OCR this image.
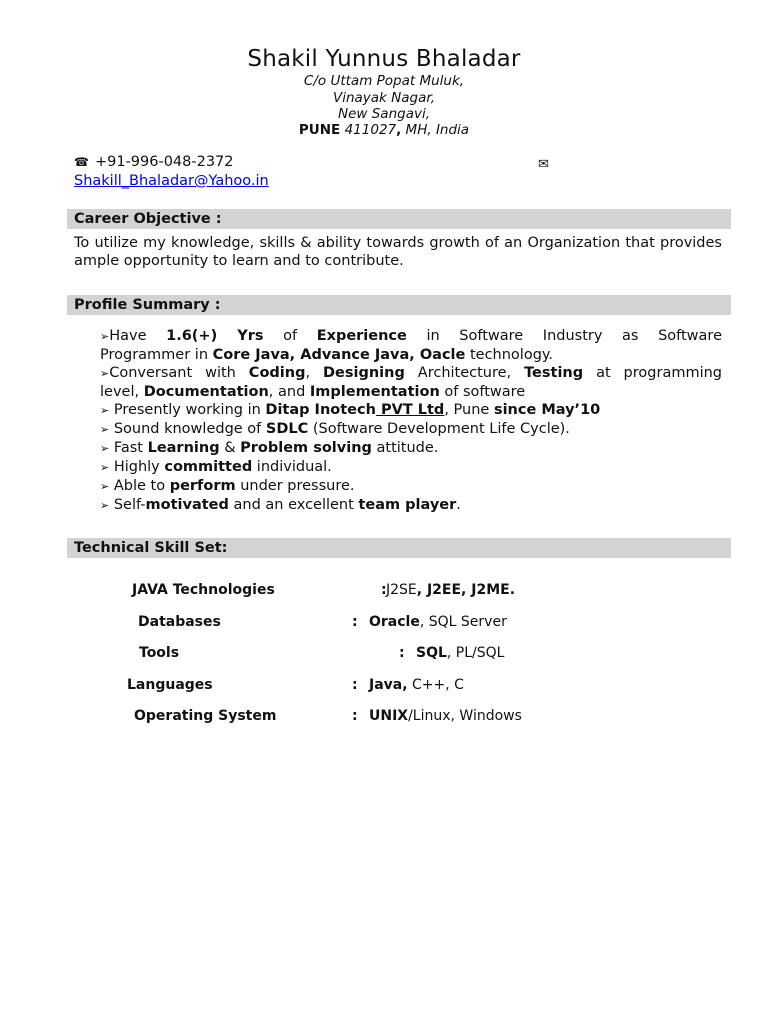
Shakil Yunnus Bhaladar
C/o Uttam Popat Muluk,
Vinayak Nagar,
New Sangavi,
PUNE 411027, MH, India
☎ +91-996-048-2372	✉
Shakill_Bhaladar@Yahoo.in
Career Objective :
To utilize my knowledge, skills & ability towards growth of an Organization that provides ample opportunity to learn and to contribute.
Profile Summary :
➢Have 1.6(+) Yrs of Experience in Software Industry as Software
Programmer in Core Java, Advance Java, Oacle technology.
➢Conversant with Coding, Designing Architecture, Testing at programming
level, Documentation, and Implementation of software
➢ Presently working in Ditap Inotech PVT Ltd, Pune since May’10
➢ Sound knowledge of SDLC (Software Development Life Cycle).
➢ Fast Learning & Problem solving attitude.
➢ Highly committed individual.
➢ Able to perform under pressure.
➢ Self-motivated and an excellent team player.
Technical Skill Set:
JAVA Technologies	: J2SE, J2EE, J2ME.
Databases	: Oracle, SQL Server
Tools	: SQL, PL/SQL
Languages	: Java, C++, C
Operating System	: UNIX/Linux, Windows
